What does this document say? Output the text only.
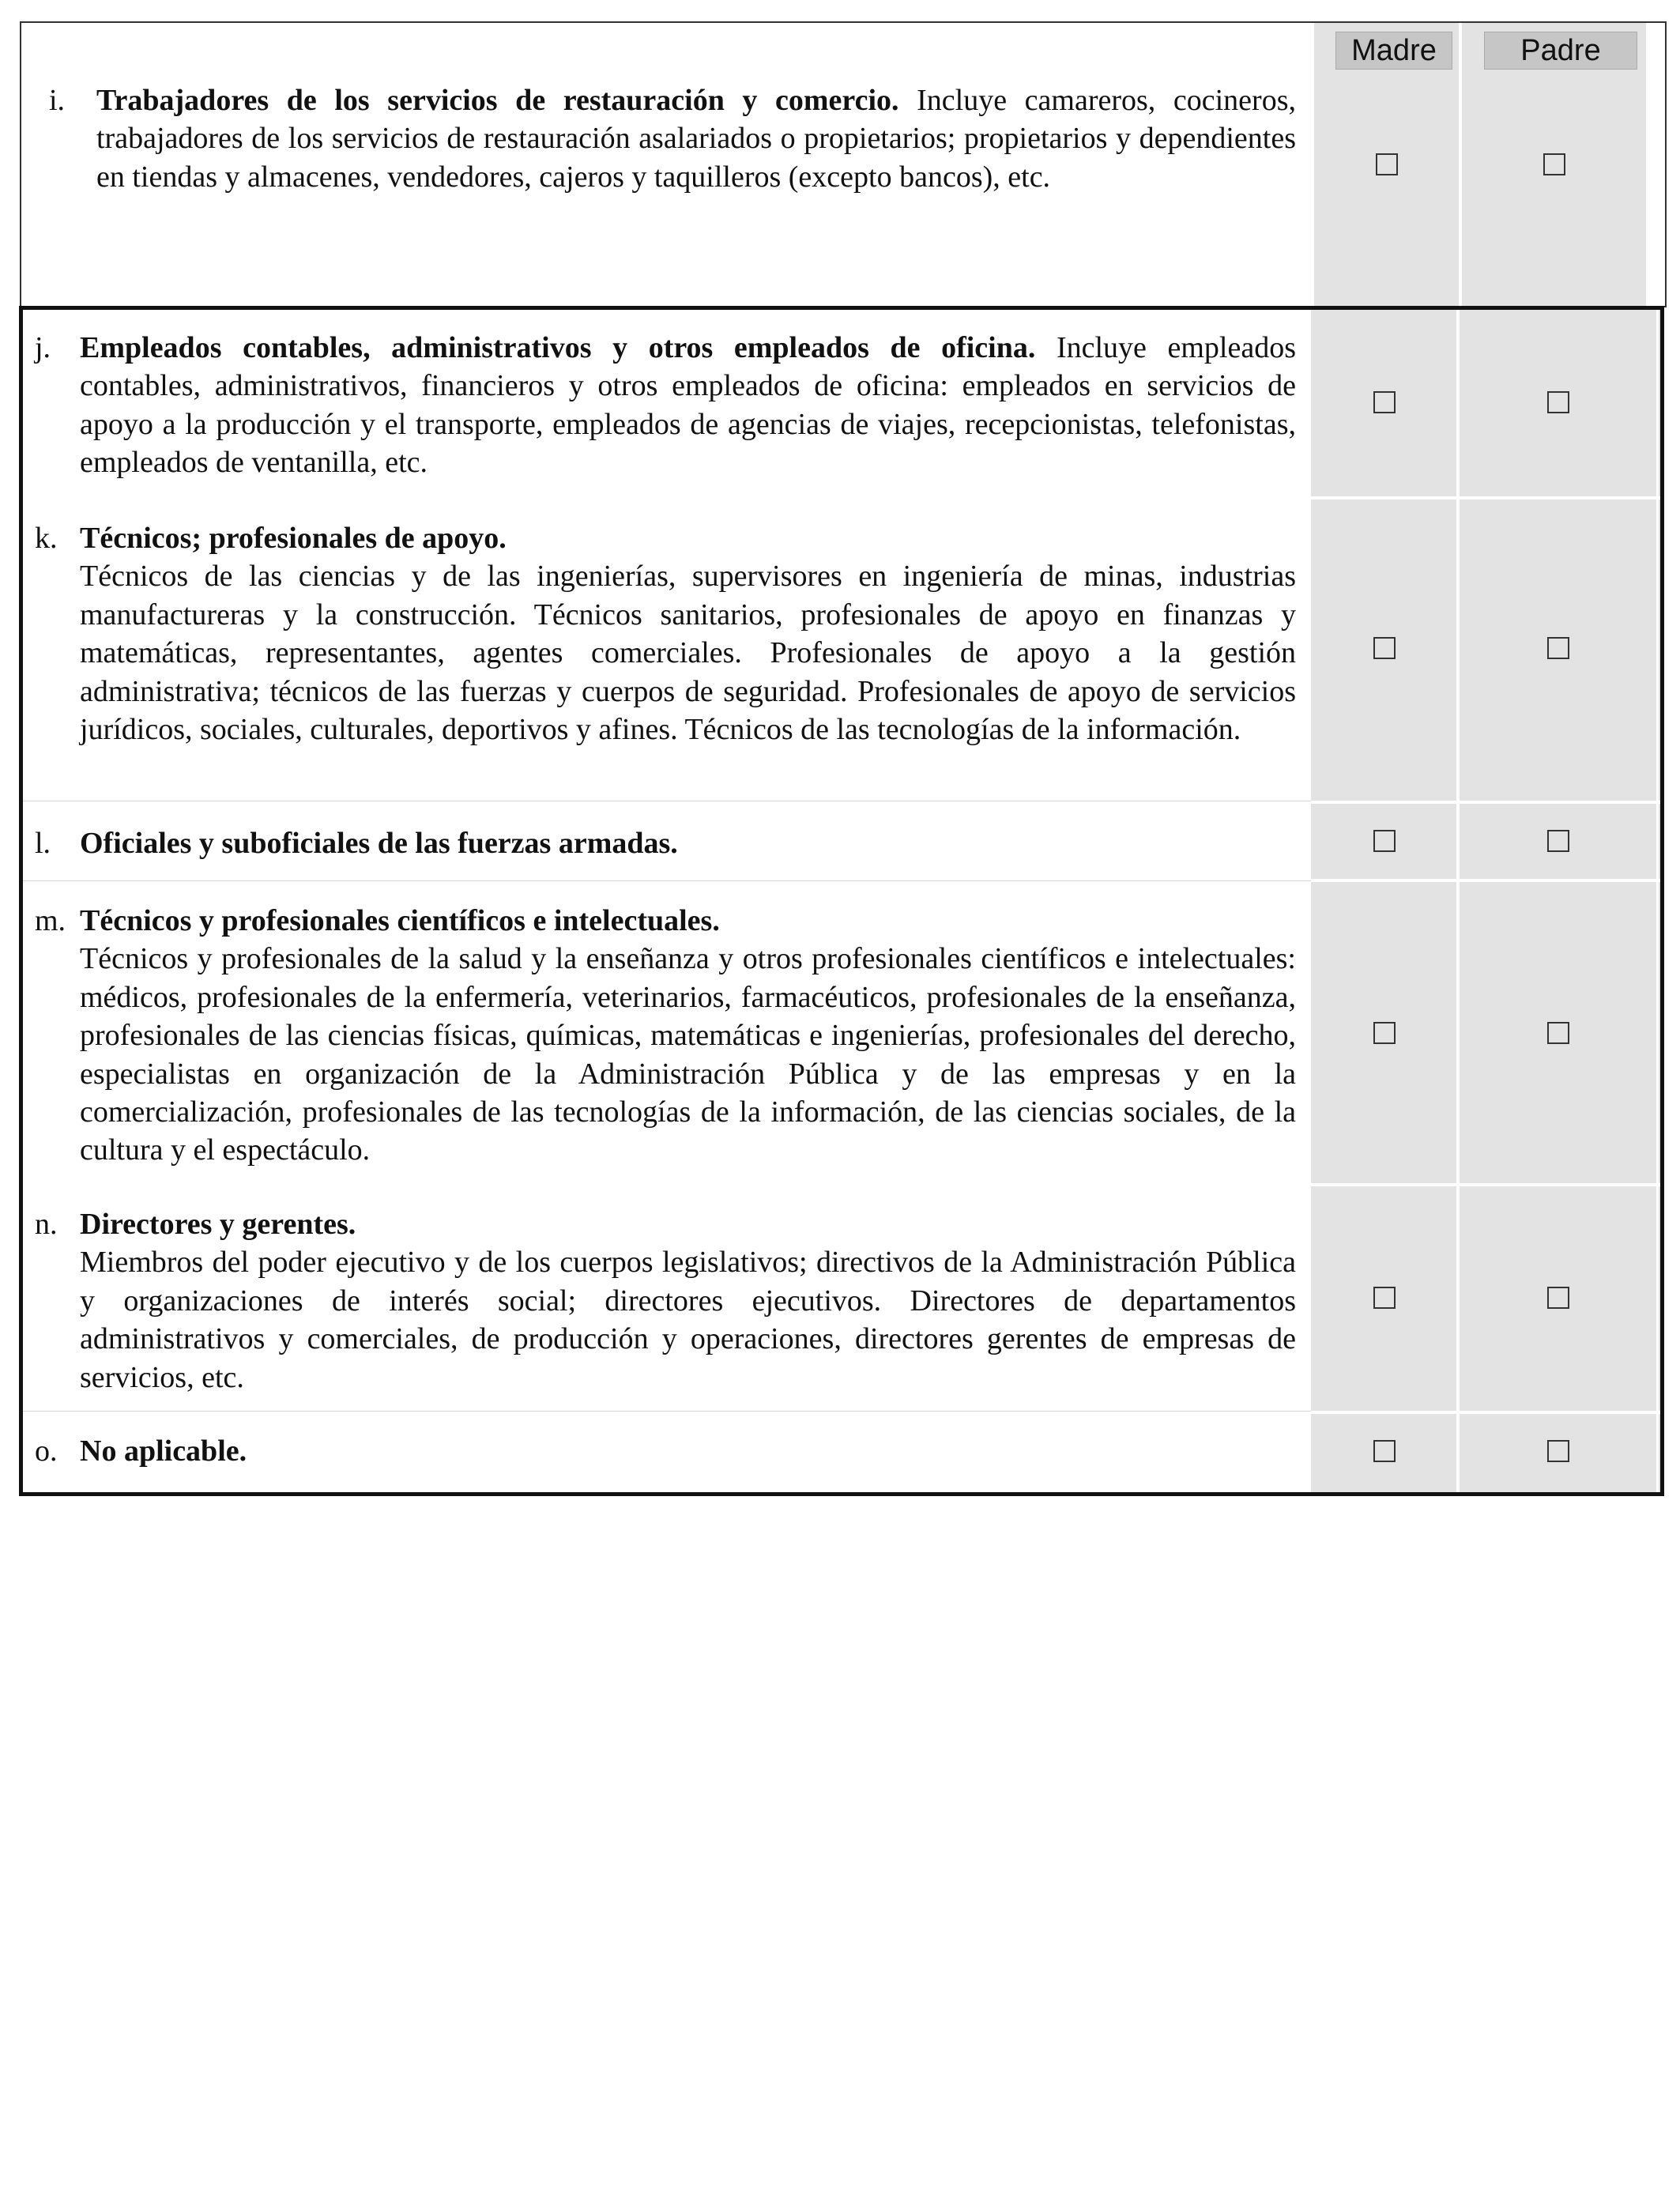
Madre	Padre
i. Trabajadores de los servicios de restauración y comercio. Incluye camareros, cocineros, trabajadores de los servicios de restauración asalariados o propietarios; propietarios y dependientes en tiendas y almacenes, vendedores, cajeros y taquilleros (excepto bancos), etc.
j. Empleados contables, administrativos y otros empleados de oficina. Incluye empleados contables, administrativos, financieros y otros empleados de oficina: empleados en servicios de apoyo a la producción y el transporte, empleados de agencias de viajes, recepcionistas, telefonistas, empleados de ventanilla, etc.
k. Técnicos; profesionales de apoyo.
Técnicos de las ciencias y de las ingenierías, supervisores en ingeniería de minas, industrias manufactureras y la construcción. Técnicos sanitarios, profesionales de apoyo en finanzas y matemáticas, representantes, agentes comerciales. Profesionales de apoyo a la gestión administrativa; técnicos de las fuerzas y cuerpos de seguridad. Profesionales de apoyo de servicios jurídicos, sociales, culturales, deportivos y afines. Técnicos de las tecnologías de la información.
l. Oficiales y suboficiales de las fuerzas armadas.
m. Técnicos y profesionales científicos e intelectuales.
Técnicos y profesionales de la salud y la enseñanza y otros profesionales científicos e intelectuales: médicos, profesionales de la enfermería, veterinarios, farmacéuticos, profesionales de la enseñanza, profesionales de las ciencias físicas, químicas, matemáticas e ingenierías, profesionales del derecho, especialistas en organización de la Administración Pública y de las empresas y en la comercialización, profesionales de las tecnologías de la información, de las ciencias sociales, de la cultura y el espectáculo.
n. Directores y gerentes.
Miembros del poder ejecutivo y de los cuerpos legislativos; directivos de la Administración Pública y organizaciones de interés social; directores ejecutivos. Directores de departamentos administrativos y comerciales, de producción y operaciones, directores gerentes de empresas de servicios, etc.
o. No aplicable.
